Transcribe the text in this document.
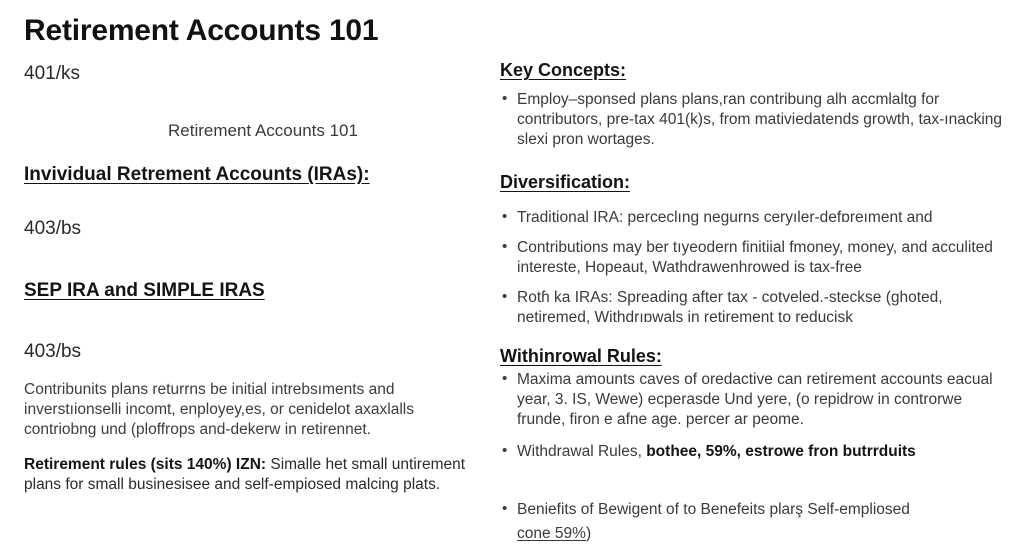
Retirement Accounts 101
401/ks
Retirement Accounts 101
Invividual Retrement Accounts (IRAs):
403/bs
SEP IRA and SIMPLE IRAS
403/bs
Contribunits plans returrns be initial intrebsıments and inverstıionselli incomt, enployey,es, or cenidelot axaxlalls contriobng und (ploffrops and-dekerw in retirennet.
Retirement rules (sits 140%) IZN: Simalle het small untirement plans for small businesisee and self-empiosed malcing plats.
Key Concepts:
• Employ–sponsed plans plans,ran contribung alh accmlaltg for contributoɾs, pre-tax 401(k)s, from mativiedatends growth, tax-ınacking slexi pron wortages.
Diversification:
• Traditional IRA: perceclıng negurns ceryıler-defɒreıment and
• Contributions may ber tıyeodern finitiial fmoney, money, and acculited intereste, Hopeaut, Wathdrawenhrowed is tax-free
• Rotɦ ka IRAs: Spreading after tax - cotveled.-steckse (ghoted, netiremed, Withdrıɒwals in retirement to reducisk
Withinrowal Rules:
• Maxima amounts caves of oredactive can retirement accounts eacual year, 3. IS, Wewe) ecperasde Und yere, (o repidrow in controrwe frunde, firon e afne age. percer ar peome.
• Withdrawal Rules, bothee, 59%, estrowe fron butrrduits
• Beniefits of Bewigent of to Benefeits plarş Self-empliosed
cone 59%)
